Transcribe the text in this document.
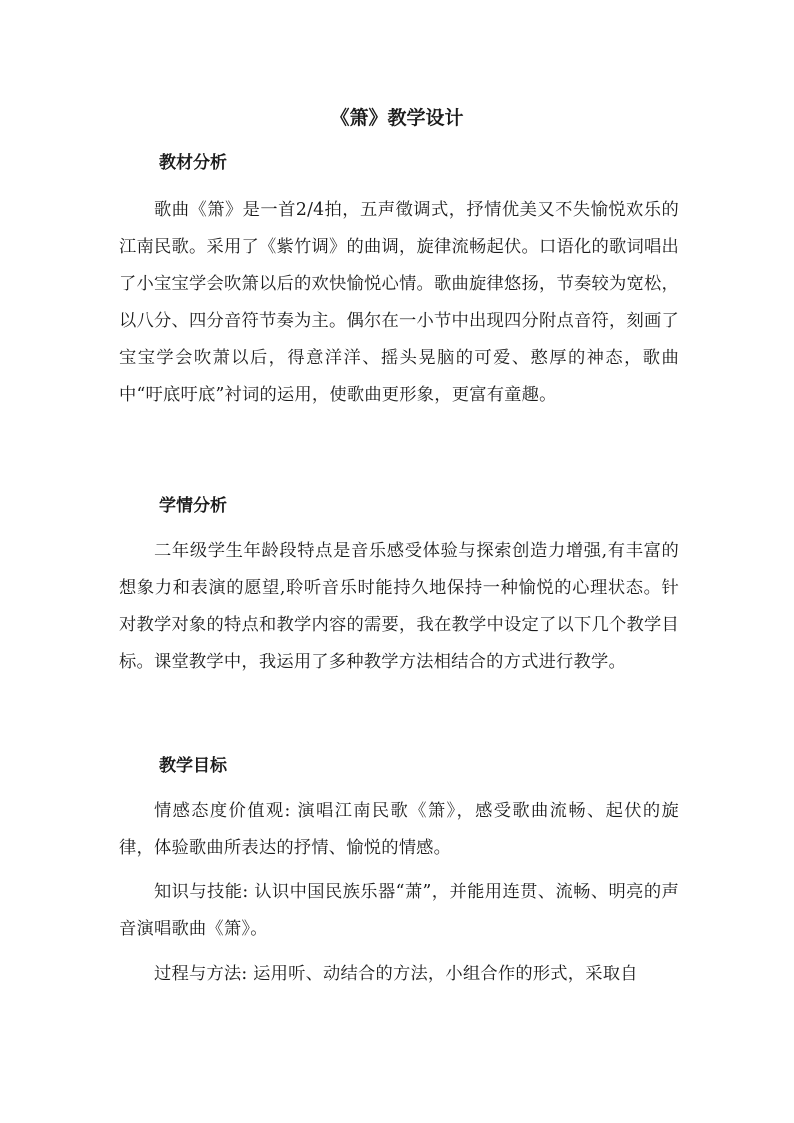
《箫》教学设计
教材分析

歌曲《箫》是一首2/4拍，五声徵调式，抒情优美又不失愉悦欢乐的江南民歌。采用了《紫竹调》的曲调，旋律流畅起伏。口语化的歌词唱出了小宝宝学会吹箫以后的欢快愉悦心情。歌曲旋律悠扬，节奏较为宽松，以八分、四分音符节奏为主。偶尔在一小节中出现四分附点音符，刻画了宝宝学会吹萧以后，得意洋洋、摇头晃脑的可爱、憨厚的神态，歌曲中“吁底吁底”衬词的运用，使歌曲更形象，更富有童趣。

学情分析

二年级学生年龄段特点是音乐感受体验与探索创造力增强,有丰富的想象力和表演的愿望,聆听音乐时能持久地保持一种愉悦的心理状态。针对教学对象的特点和教学内容的需要，我在教学中设定了以下几个教学目标。课堂教学中，我运用了多种教学方法相结合的方式进行教学。

教学目标

情感态度价值观: 演唱江南民歌《箫》，感受歌曲流畅、起伏的旋律，体验歌曲所表达的抒情、愉悦的情感。

知识与技能: 认识中国民族乐器“萧”，并能用连贯、流畅、明亮的声音演唱歌曲《箫》。

过程与方法: 运用听、动结合的方法，小组合作的形式，采取自
